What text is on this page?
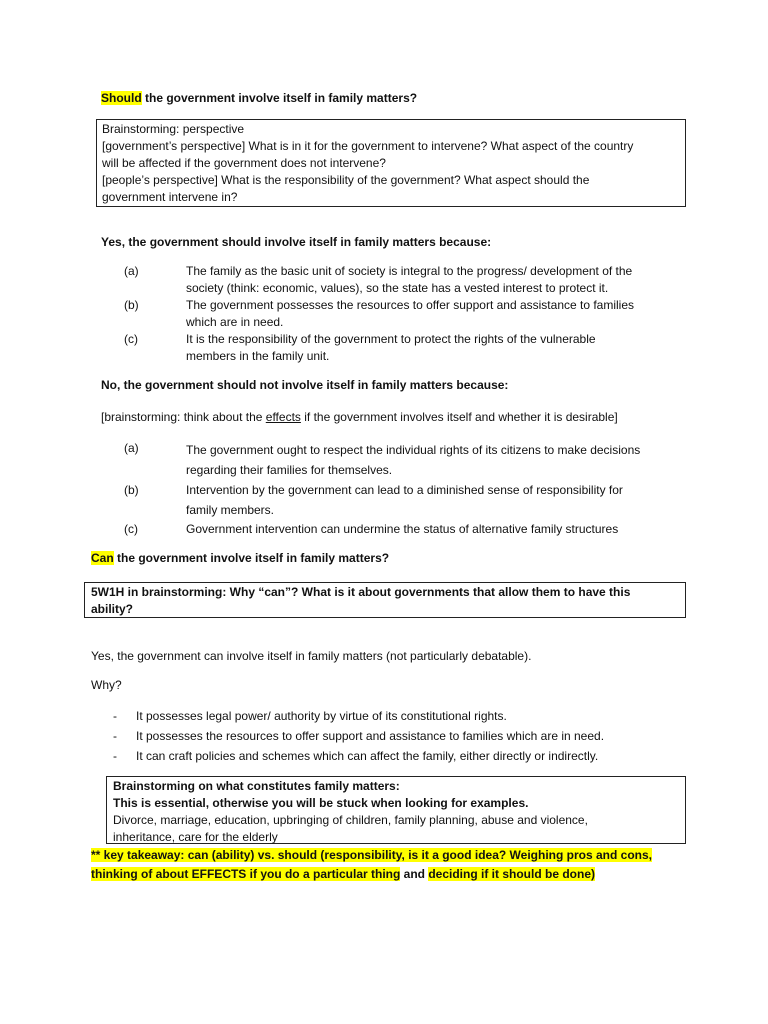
Should the government involve itself in family matters?
Brainstorming: perspective
[government’s perspective] What is in it for the government to intervene? What aspect of the country
will be affected if the government does not intervene?
[people’s perspective] What is the responsibility of the government? What aspect should the
government intervene in?
Yes, the government should involve itself in family matters because:
(a)	The family as the basic unit of society is integral to the progress/ development of the
society (think: economic, values), so the state has a vested interest to protect it.
(b)	The government possesses the resources to offer support and assistance to families
which are in need.
(c)	It is the responsibility of the government to protect the rights of the vulnerable
members in the family unit.
No, the government should not involve itself in family matters because:
[brainstorming: think about the effects if the government involves itself and whether it is desirable]
(a)	The government ought to respect the individual rights of its citizens to make decisions
regarding their families for themselves.
(b)	Intervention by the government can lead to a diminished sense of responsibility for
family members.
(c)	Government intervention can undermine the status of alternative family structures
Can the government involve itself in family matters?
5W1H in brainstorming: Why “can”? What is it about governments that allow them to have this
ability?
Yes, the government can involve itself in family matters (not particularly debatable).
Why?
- It possesses legal power/ authority by virtue of its constitutional rights.
- It possesses the resources to offer support and assistance to families which are in need.
- It can craft policies and schemes which can affect the family, either directly or indirectly.
Brainstorming on what constitutes family matters:
This is essential, otherwise you will be stuck when looking for examples.
Divorce, marriage, education, upbringing of children, family planning, abuse and violence,
inheritance, care for the elderly
** key takeaway: can (ability) vs. should (responsibility, is it a good idea? Weighing pros and cons,
thinking of about EFFECTS if you do a particular thing and deciding if it should be done)
